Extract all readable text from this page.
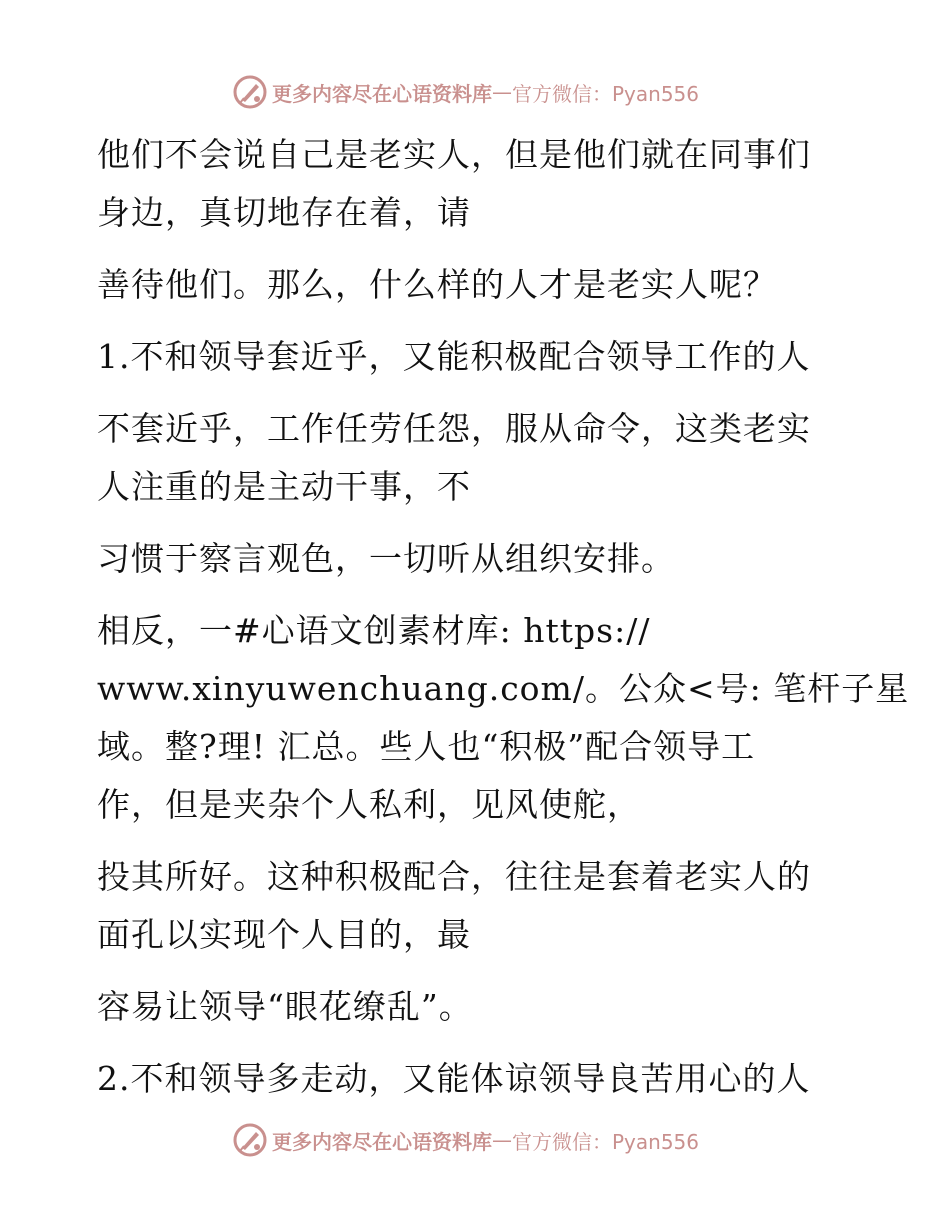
更多内容尽在心语资料库 — 官方微信：Pyan556
他们不会说自己是老实人，但是他们就在同事们
身边，真切地存在着，请
善待他们。那么，什么样的人才是老实人呢？
1.不和领导套近乎，又能积极配合领导工作的人
不套近乎，工作任劳任怨，服从命令，这类老实
人注重的是主动干事，不
习惯于察言观色，一切听从组织安排。
相反，一#心语文创素材库: https://
www.xinyuwenchuang.com/。公众<号: 笔杆子星
域。整?理! 汇总。些人也“积极”配合领导工
作，但是夹杂个人私利，见风使舵，
投其所好。这种积极配合，往往是套着老实人的
面孔以实现个人目的，最
容易让领导“眼花缭乱”。
2.不和领导多走动，又能体谅领导良苦用心的人
更多内容尽在心语资料库 — 官方微信：Pyan556
